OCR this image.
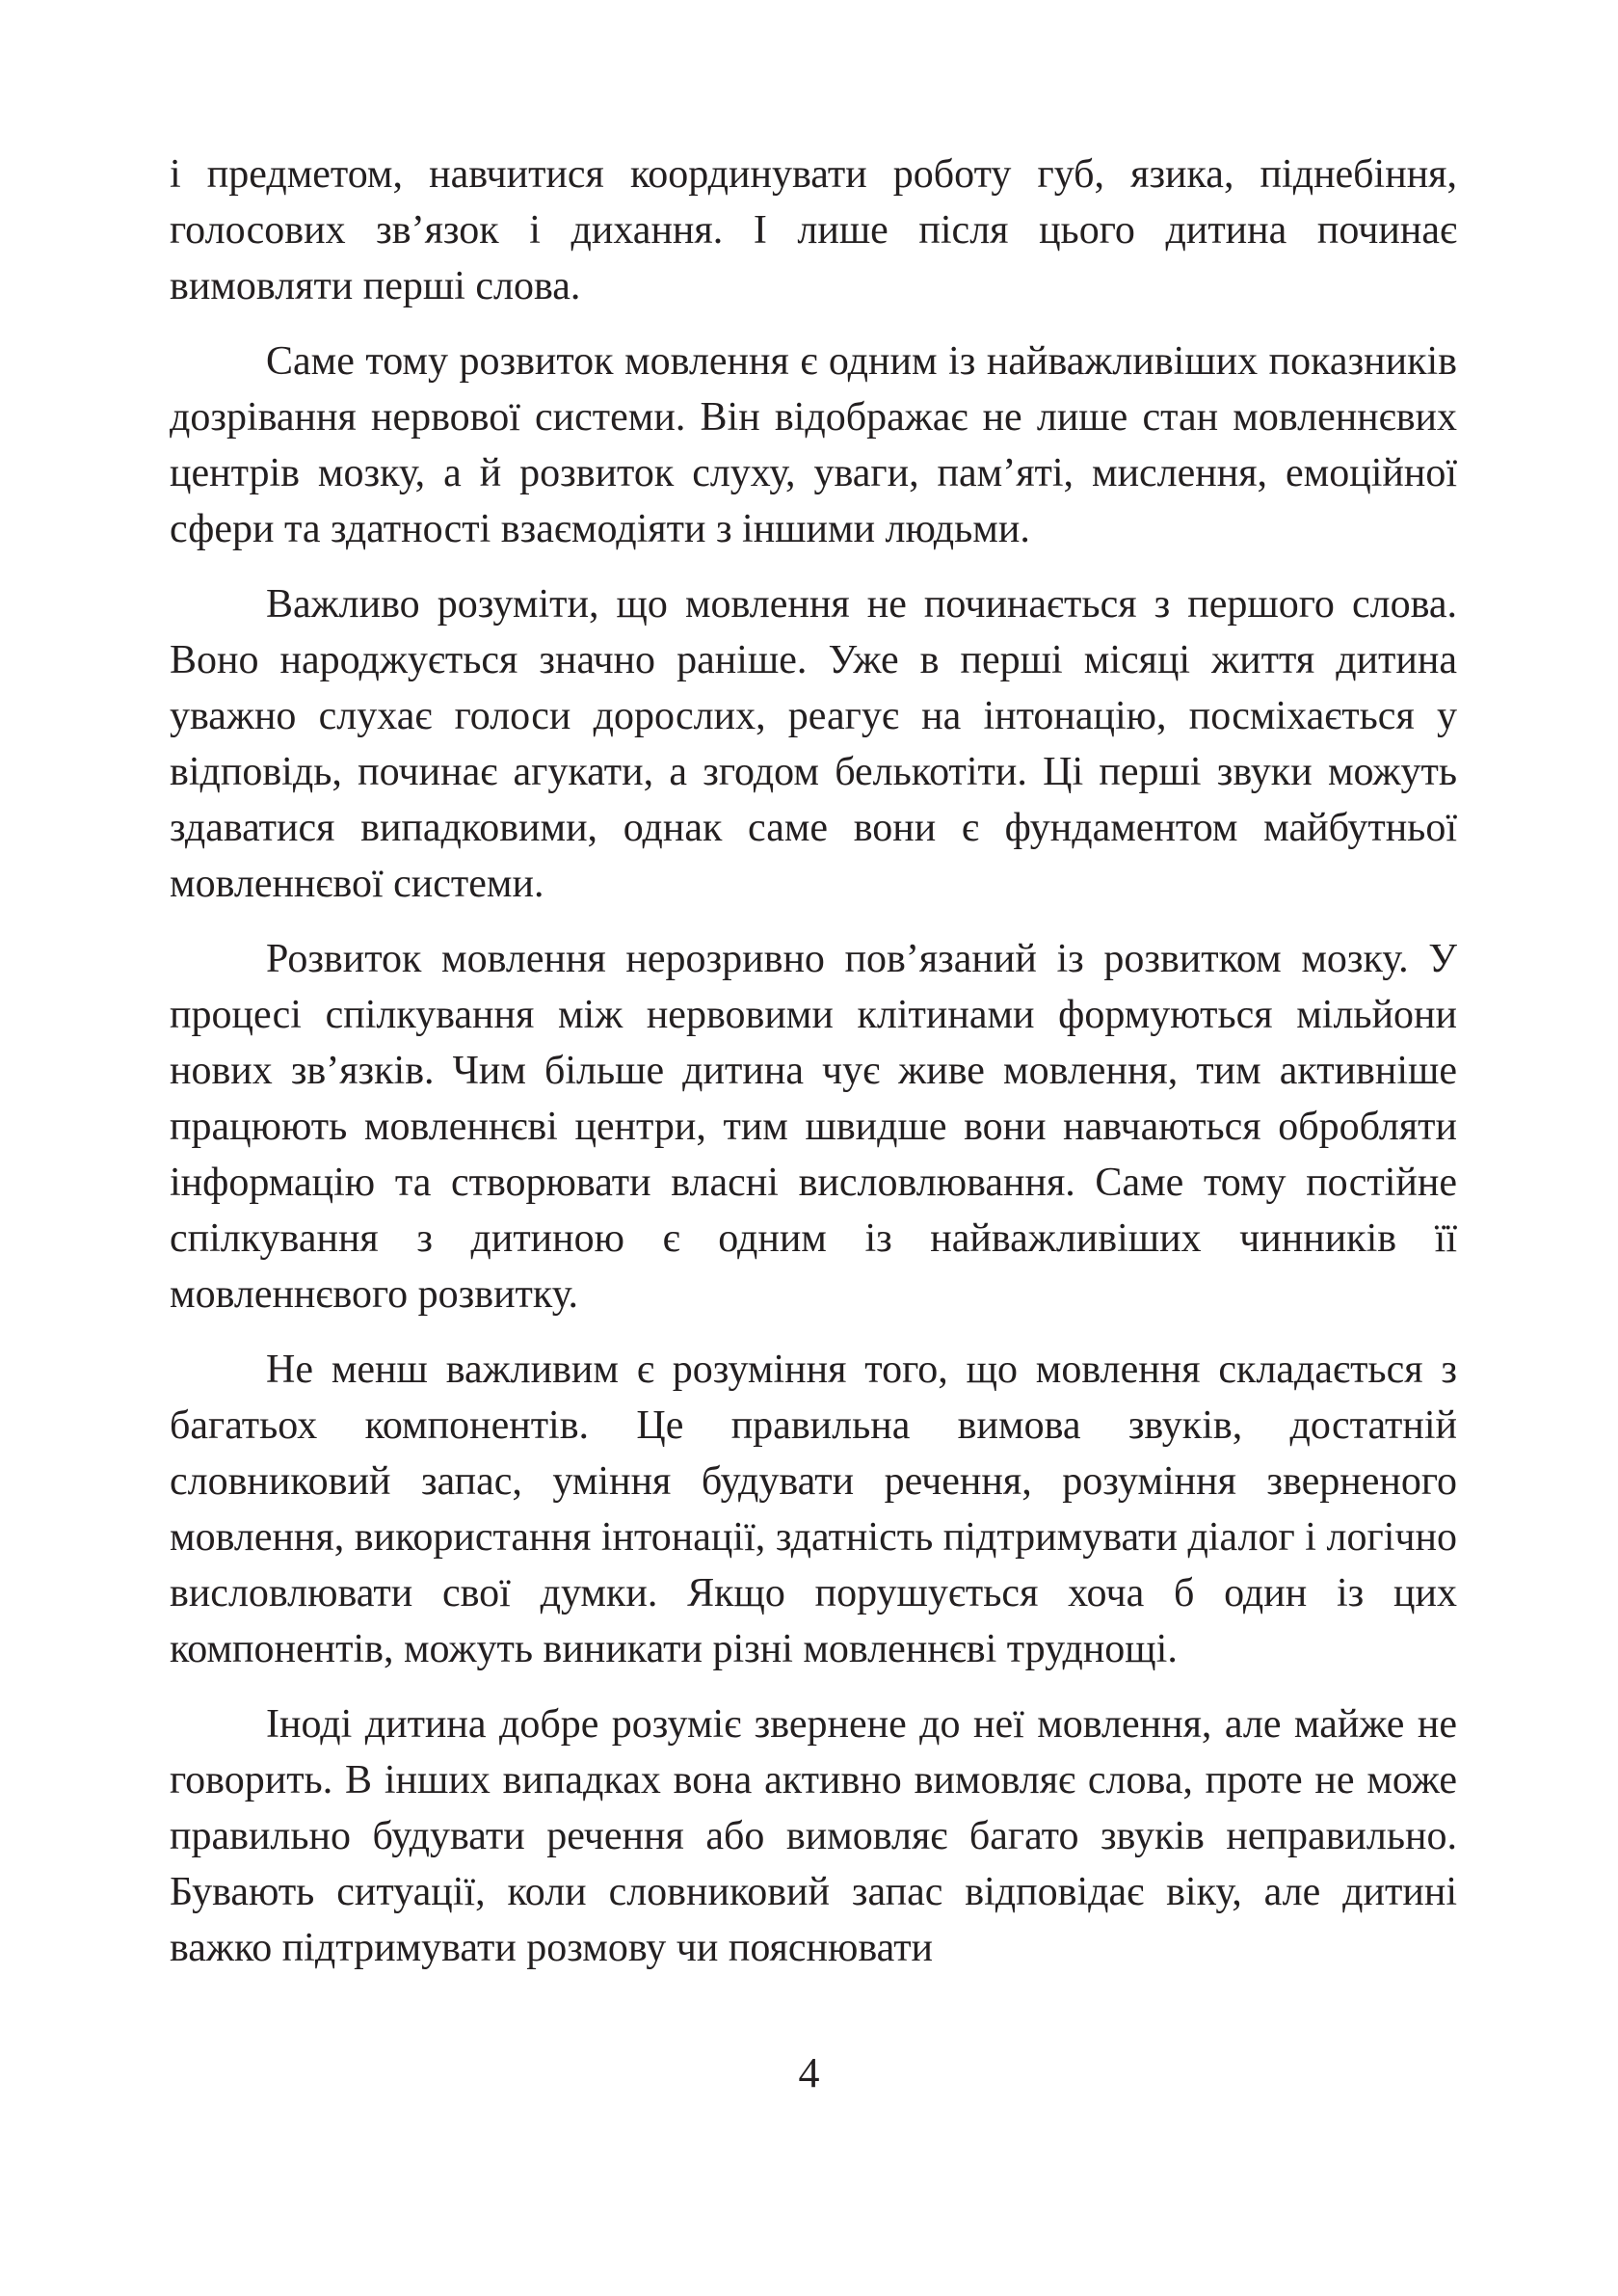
і предметом, навчитися координувати роботу губ, язика, піднебіння, голосових зв’язок і дихання. І лише після цього дитина починає вимовляти перші слова.

Саме тому розвиток мовлення є одним із найважливіших показників дозрівання нервової системи. Він відображає не лише стан мовленнєвих центрів мозку, а й розвиток слуху, уваги, пам’яті, мислення, емоційної сфери та здатності взаємодіяти з іншими людьми.

Важливо розуміти, що мовлення не починається з першого слова. Воно народжується значно раніше. Уже в перші місяці життя дитина уважно слухає голоси дорослих, реагує на інтонацію, посміхається у відповідь, починає агукати, а згодом белькотіти. Ці перші звуки можуть здаватися випадковими, однак саме вони є фундаментом майбутньої мовленнєвої системи.

Розвиток мовлення нерозривно пов’язаний із розвитком мозку. У процесі спілкування між нервовими клітинами формуються мільйони нових зв’язків. Чим більше дитина чує живе мовлення, тим активніше працюють мовленнєві центри, тим швидше вони навчаються обробляти інформацію та створювати власні висловлювання. Саме тому постійне спілкування з дитиною є одним із найважливіших чинників її мовленнєвого розвитку.

Не менш важливим є розуміння того, що мовлення складається з багатьох компонентів. Це правильна вимова звуків, достатній словниковий запас, уміння будувати речення, розуміння зверненого мовлення, використання інтонації, здатність підтримувати діалог і логічно висловлювати свої думки. Якщо порушується хоча б один із цих компонентів, можуть виникати різні мовленнєві труднощі.

Іноді дитина добре розуміє звернене до неї мовлення, але майже не говорить. В інших випадках вона активно вимовляє слова, проте не може правильно будувати речення або вимовляє багато звуків неправильно. Бувають ситуації, коли словниковий запас відповідає віку, але дитині важко підтримувати розмову чи пояснювати

4
